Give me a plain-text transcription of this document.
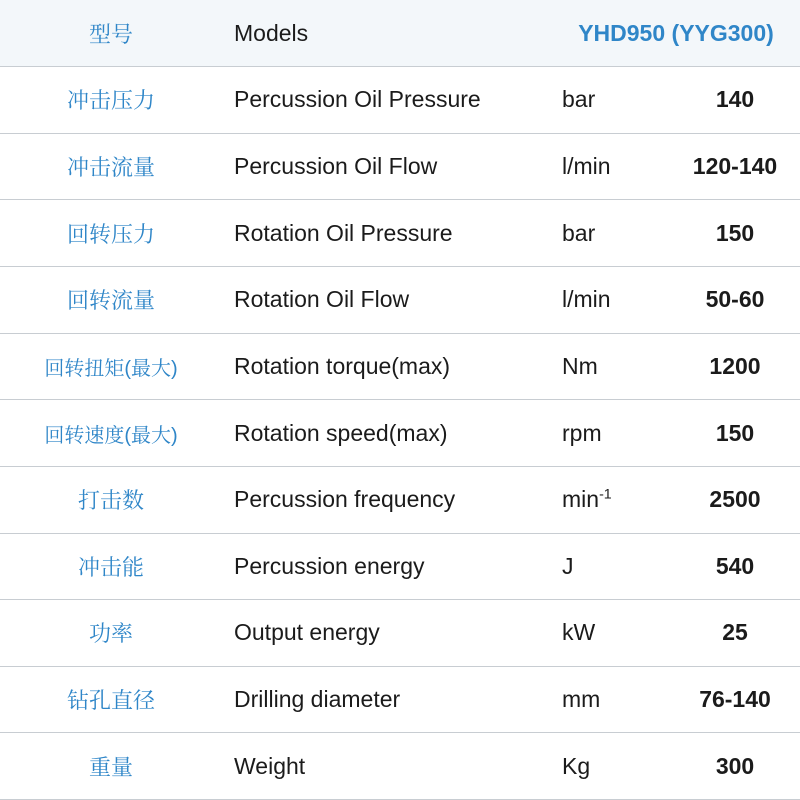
型号	Models	YHD950 (YYG300)	
冲击压力	Percussion Oil Pressure	bar	140
冲击流量	Percussion Oil Flow	l/min	120-140
回转压力	Rotation Oil Pressure	bar	150
回转流量	Rotation Oil Flow	l/min	50-60
回转扭矩(最大)	Rotation torque(max)	Nm	1200
回转速度(最大)	Rotation speed(max)	rpm	150
打击数	Percussion frequency	$\min^{-1}$	2500
冲击能	Percussion energy	J	540
功率	Output energy	kW	25
钻孔直径	Drilling diameter	mm	76-140
重量	Weight	Kg	300
